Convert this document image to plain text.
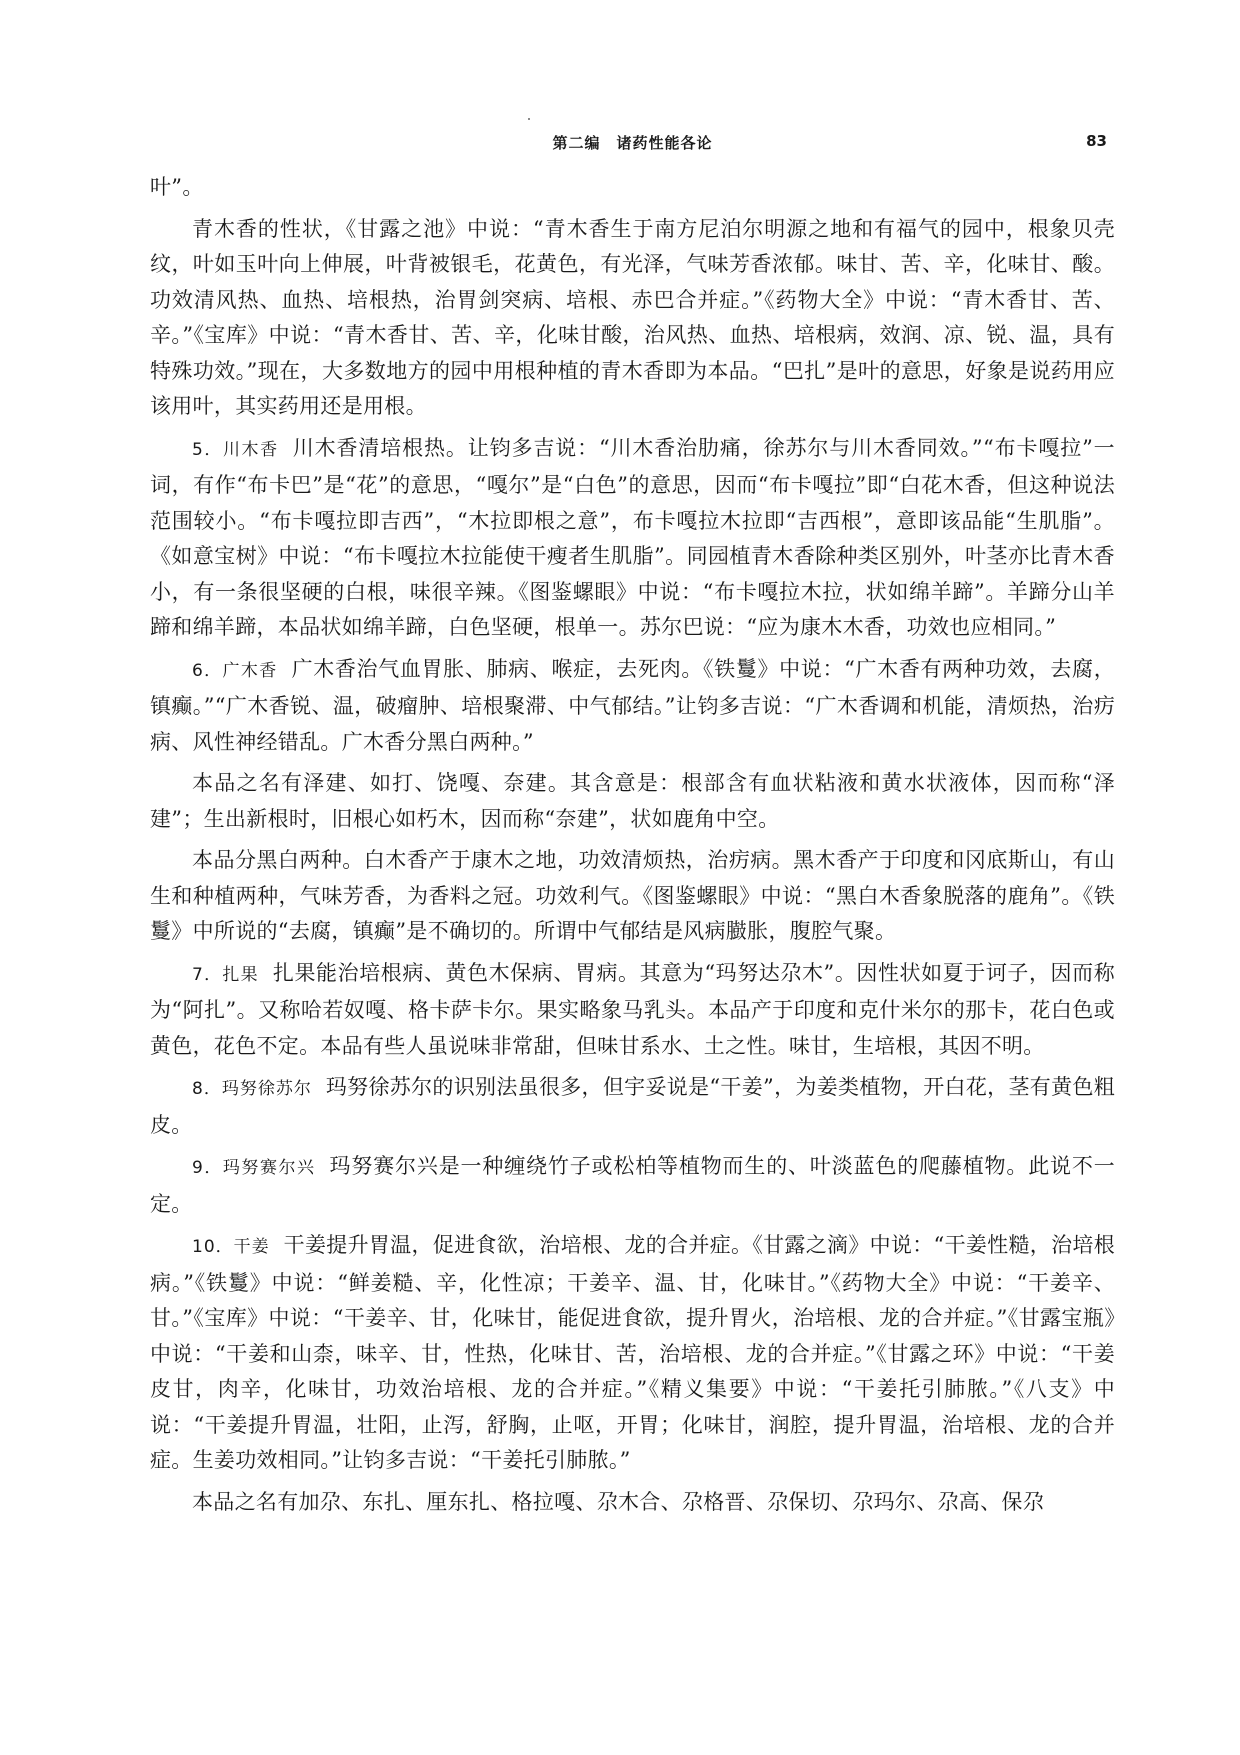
第二编　诸药性能各论	83

叶”。

青木香的性状，《甘露之池》中说：“青木香生于南方尼泊尔明源之地和有福气的园中，根象贝壳纹，叶如玉叶向上伸展，叶背被银毛，花黄色，有光泽，气味芳香浓郁。味甘、苦、辛，化味甘、酸。功效清风热、血热、培根热，治胃剑突病、培根、赤巴合并症。”《药物大全》中说：“青木香甘、苦、辛。”《宝库》中说：“青木香甘、苦、辛，化味甘酸，治风热、血热、培根病，效润、凉、锐、温，具有特殊功效。”现在，大多数地方的园中用根种植的青木香即为本品。“巴扎”是叶的意思，好象是说药用应该用叶，其实药用还是用根。

5．川木香 川木香清培根热。让钧多吉说：“川木香治肋痛，徐苏尔与川木香同效。”“布卡嘎拉”一词，有作“布卡巴”是“花”的意思，“嘎尔”是“白色”的意思，因而“布卡嘎拉”即“白花木香，但这种说法范围较小。“布卡嘎拉即吉西”，“木拉即根之意”，布卡嘎拉木拉即“吉西根”，意即该品能“生肌脂”。《如意宝树》中说：“布卡嘎拉木拉能使干瘦者生肌脂”。同园植青木香除种类区别外，叶茎亦比青木香小，有一条很坚硬的白根，味很辛辣。《图鉴螺眼》中说：“布卡嘎拉木拉，状如绵羊蹄”。羊蹄分山羊蹄和绵羊蹄，本品状如绵羊蹄，白色坚硬，根单一。苏尔巴说：“应为康木木香，功效也应相同。”

6．广木香 广木香治气血胃胀、肺病、喉症，去死肉。《铁鬘》中说：“广木香有两种功效，去腐，镇癫。”“广木香锐、温，破瘤肿、培根聚滞、中气郁结。”让钧多吉说：“广木香调和机能，清烦热，治疠病、风性神经错乱。广木香分黑白两种。”

本品之名有泽建、如打、饶嘎、奈建。其含意是：根部含有血状粘液和黄水状液体，因而称“泽建”；生出新根时，旧根心如朽木，因而称“奈建”，状如鹿角中空。

本品分黑白两种。白木香产于康木之地，功效清烦热，治疠病。黑木香产于印度和冈底斯山，有山生和种植两种，气味芳香，为香料之冠。功效利气。《图鉴螺眼》中说：“黑白木香象脱落的鹿角”。《铁鬘》中所说的“去腐，镇癫”是不确切的。所谓中气郁结是风病臌胀，腹腔气聚。

7．扎果 扎果能治培根病、黄色木保病、胃病。其意为“玛努达尕木”。因性状如夏于诃子，因而称为“阿扎”。又称哈若奴嘎、格卡萨卡尔。果实略象马乳头。本品产于印度和克什米尔的那卡，花白色或黄色，花色不定。本品有些人虽说味非常甜，但味甘系水、土之性。味甘，生培根，其因不明。

8．玛努徐苏尔 玛努徐苏尔的识别法虽很多，但宇妥说是“干姜”，为姜类植物，开白花，茎有黄色粗皮。

9．玛努赛尔兴 玛努赛尔兴是一种缠绕竹子或松柏等植物而生的、叶淡蓝色的爬藤植物。此说不一定。

10．干姜 干姜提升胃温，促进食欲，治培根、龙的合并症。《甘露之滴》中说：“干姜性糙，治培根病。”《铁鬘》中说：“鲜姜糙、辛，化性凉；干姜辛、温、甘，化味甘。”《药物大全》中说：“干姜辛、甘。”《宝库》中说：“干姜辛、甘，化味甘，能促进食欲，提升胃火，治培根、龙的合并症。”《甘露宝瓶》中说：“干姜和山柰，味辛、甘，性热，化味甘、苦，治培根、龙的合并症。”《甘露之环》中说：“干姜皮甘，肉辛，化味甘，功效治培根、龙的合并症。”《精义集要》中说：“干姜托引肺脓。”《八支》中说：“干姜提升胃温，壮阳，止泻，舒胸，止呕，开胃；化味甘，润腔，提升胃温，治培根、龙的合并症。生姜功效相同。”让钧多吉说：“干姜托引肺脓。”

本品之名有加尕、东扎、厘东扎、格拉嘎、尕木合、尕格晋、尕保切、尕玛尔、尕高、保尕
